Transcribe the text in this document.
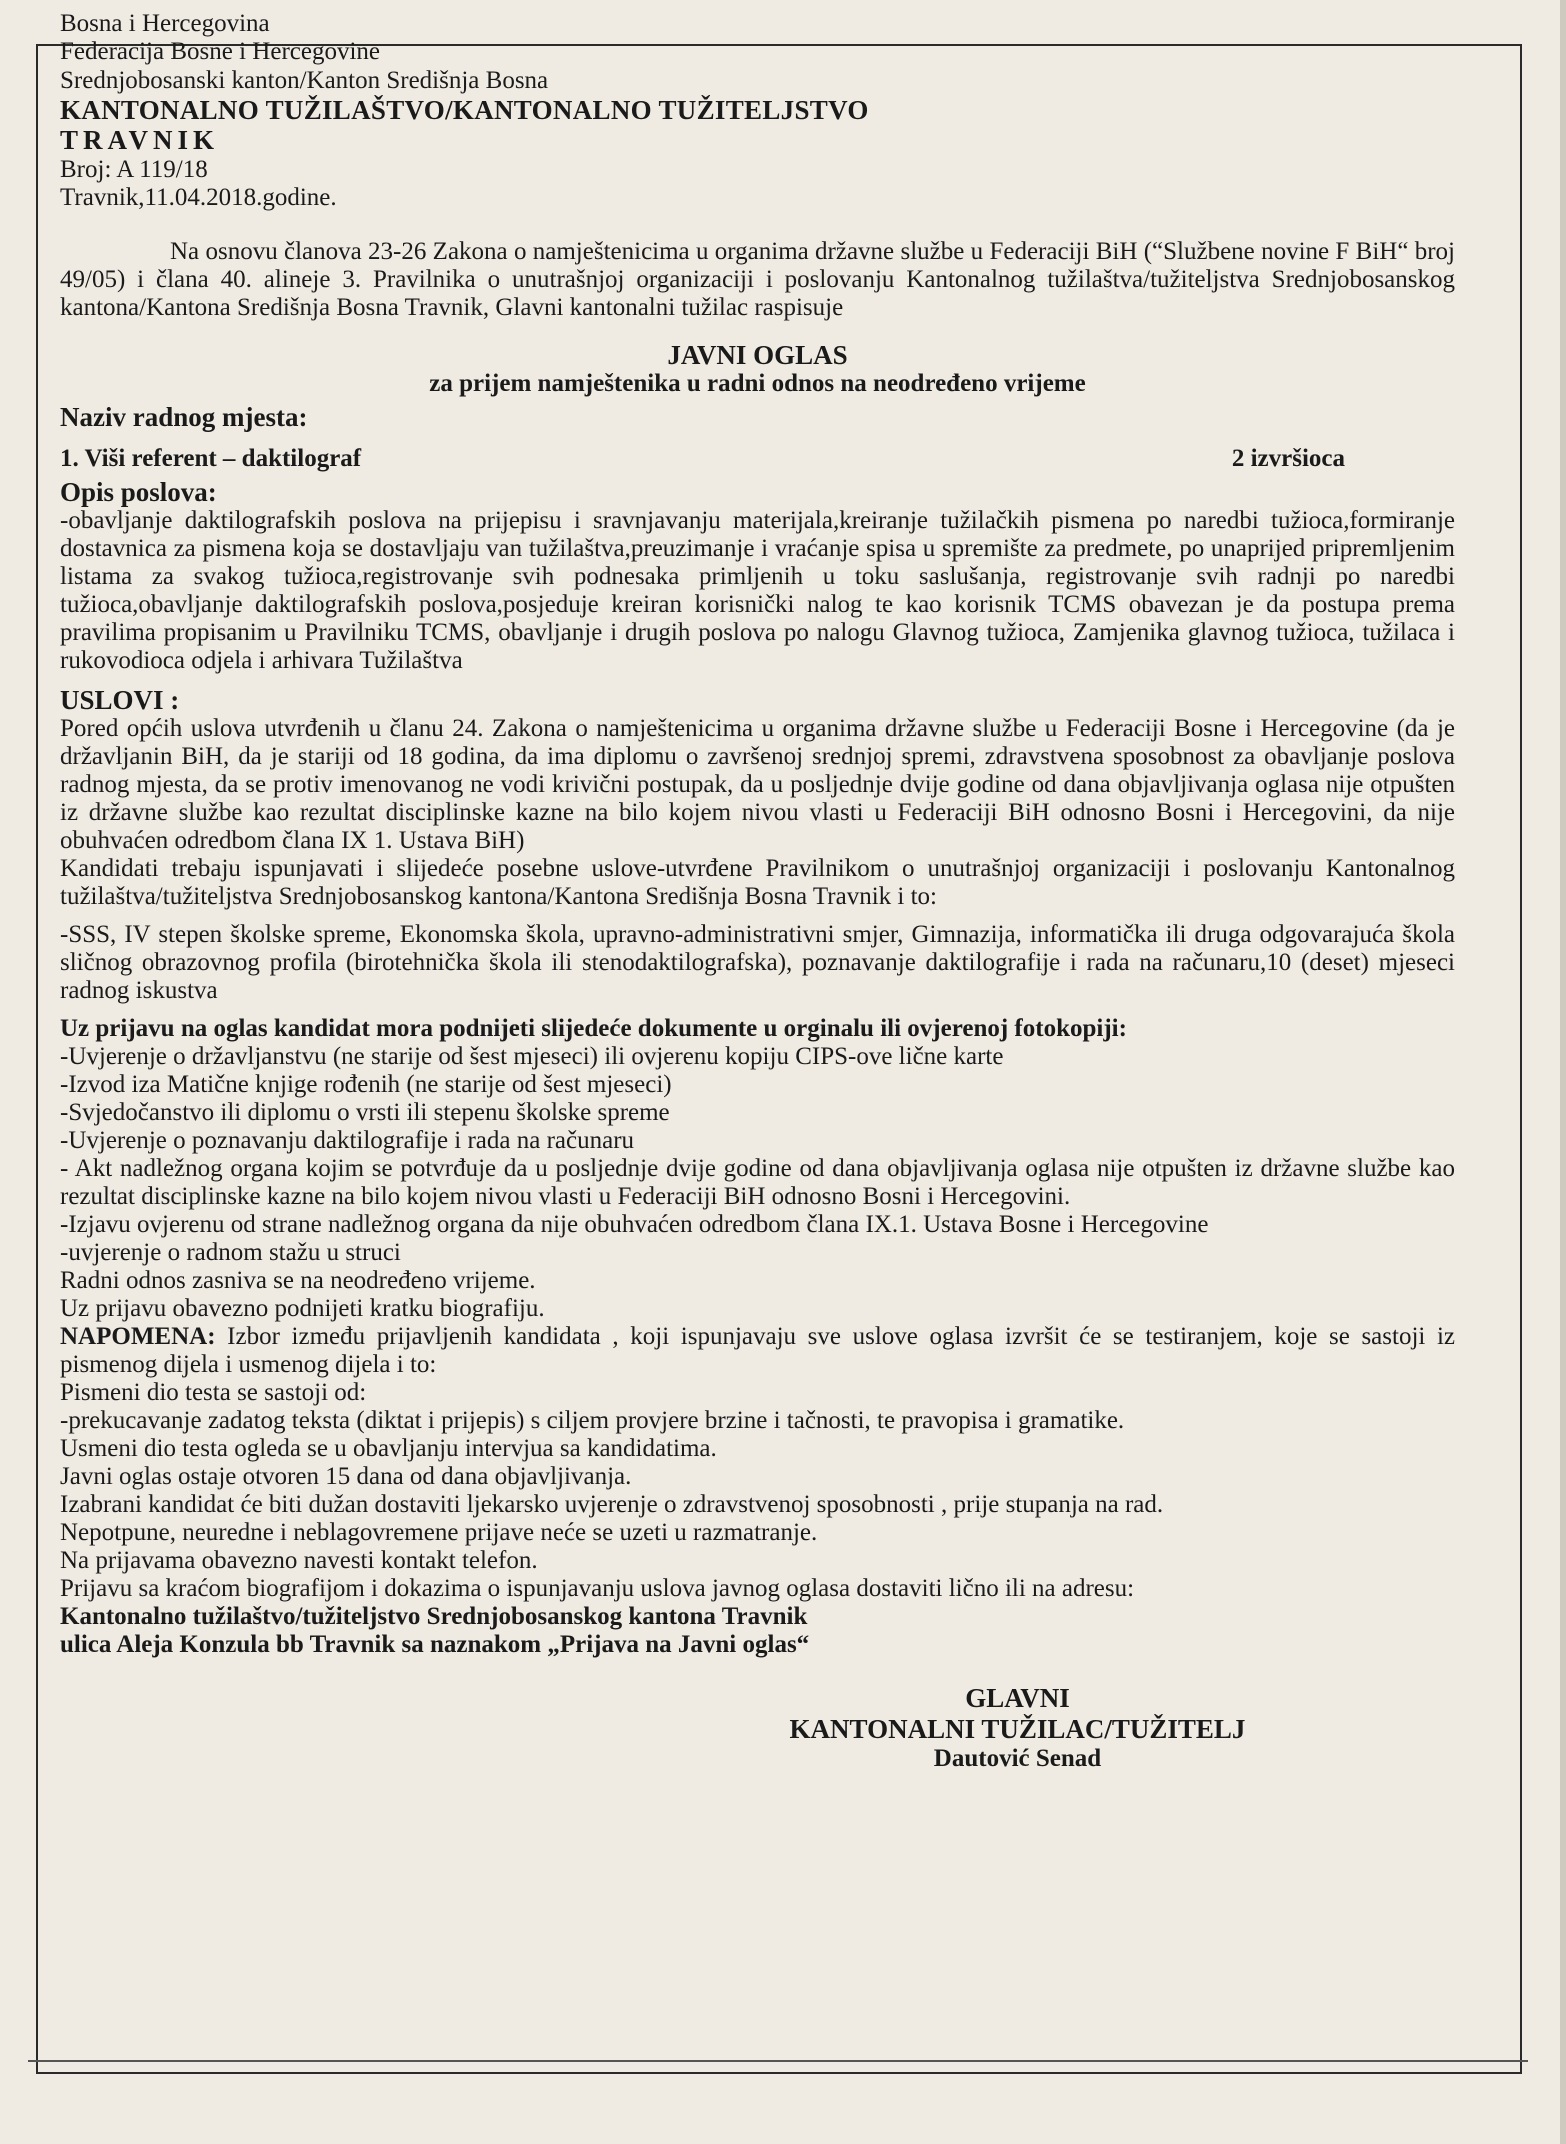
Bosna i Hercegovina
Federacija Bosne i Hercegovine
Srednjobosanski kanton/Kanton Središnja Bosna
KANTONALNO TUŽILAŠTVO/KANTONALNO TUŽITELJSTVO
TRAVNIK
Broj: A 119/18
Travnik,11.04.2018.godine.

Na osnovu članova 23-26 Zakona o namještenicima u organima državne službe u Federaciji BiH (“Službene novine F BiH“ broj 49/05) i člana 40. alineje 3. Pravilnika o unutrašnjoj organizaciji i poslovanju Kantonalnog tužilaštva/tužiteljstva Srednjobosanskog kantona/Kantona Središnja Bosna Travnik, Glavni kantonalni tužilac raspisuje

JAVNI OGLAS
za prijem namještenika u radni odnos na neodređeno vrijeme
Naziv radnog mjesta:
1. Viši referent – daktilograf	2 izvršioca
Opis poslova:

-obavljanje daktilografskih poslova na prijepisu i sravnjavanju materijala,kreiranje tužilačkih pismena po naredbi tužioca,formiranje dostavnica za pismena koja se dostavljaju van tužilaštva,preuzimanje i vraćanje spisa u spremište za predmete, po unaprijed pripremljenim listama za svakog tužioca,registrovanje svih podnesaka primljenih u toku saslušanja, registrovanje svih radnji po naredbi tužioca,obavljanje daktilografskih poslova,posjeduje kreiran korisnički nalog te kao korisnik TCMS obavezan je da postupa prema pravilima propisanim u Pravilniku TCMS, obavljanje i drugih poslova po nalogu Glavnog tužioca, Zamjenika glavnog tužioca, tužilaca i rukovodioca odjela i arhivara Tužilaštva

USLOVI :

Pored općih uslova utvrđenih u članu 24. Zakona o namještenicima u organima državne službe u Federaciji Bosne i Hercegovine (da je državljanin BiH, da je stariji od 18 godina, da ima diplomu o završenoj srednjoj spremi, zdravstvena sposobnost za obavljanje poslova radnog mjesta, da se protiv imenovanog ne vodi krivični postupak, da u posljednje dvije godine od dana objavljivanja oglasa nije otpušten iz državne službe kao rezultat disciplinske kazne na bilo kojem nivou vlasti u Federaciji BiH odnosno Bosni i Hercegovini, da nije obuhvaćen odredbom člana IX 1. Ustava BiH)

Kandidati trebaju ispunjavati i slijedeće posebne uslove-utvrđene Pravilnikom o unutrašnjoj organizaciji i poslovanju Kantonalnog tužilaštva/tužiteljstva Srednjobosanskog kantona/Kantona Središnja Bosna Travnik i to:

-SSS, IV stepen školske spreme, Ekonomska škola, upravno-administrativni smjer, Gimnazija, informatička ili druga odgovarajuća škola sličnog obrazovnog profila (birotehnička škola ili stenodaktilografska), poznavanje daktilografije i rada na računaru,10 (deset) mjeseci radnog iskustva

Uz prijavu na oglas kandidat mora podnijeti slijedeće dokumente u orginalu ili ovjerenoj fotokopiji:

-Uvjerenje o državljanstvu (ne starije od šest mjeseci) ili ovjerenu kopiju CIPS-ove lične karte

-Izvod iza Matične knjige rođenih (ne starije od šest mjeseci)

-Svjedočanstvo ili diplomu o vrsti ili stepenu školske spreme

-Uvjerenje o poznavanju daktilografije i rada na računaru

- Akt nadležnog organa kojim se potvrđuje da u posljednje dvije godine od dana objavljivanja oglasa nije otpušten iz državne službe kao rezultat disciplinske kazne na bilo kojem nivou vlasti u Federaciji BiH odnosno Bosni i Hercegovini.

-Izjavu ovjerenu od strane nadležnog organa da nije obuhvaćen odredbom člana IX.1. Ustava Bosne i Hercegovine

-uvjerenje o radnom stažu u struci

Radni odnos zasniva se na neodređeno vrijeme.

Uz prijavu obavezno podnijeti kratku biografiju.

NAPOMENA: Izbor između prijavljenih kandidata , koji ispunjavaju sve uslove oglasa izvršit će se testiranjem, koje se sastoji iz pismenog dijela i usmenog dijela i to:

Pismeni dio testa se sastoji od:

-prekucavanje zadatog teksta (diktat i prijepis) s ciljem provjere brzine i tačnosti, te pravopisa i gramatike.

Usmeni dio testa ogleda se u obavljanju intervjua sa kandidatima.

Javni oglas ostaje otvoren 15 dana od dana objavljivanja.

Izabrani kandidat će biti dužan dostaviti ljekarsko uvjerenje o zdravstvenoj sposobnosti , prije stupanja na rad.

Nepotpune, neuredne i neblagovremene prijave neće se uzeti u razmatranje.

Na prijavama obavezno navesti kontakt telefon.

Prijavu sa kraćom biografijom i dokazima o ispunjavanju uslova javnog oglasa dostaviti lično ili na adresu:

Kantonalno tužilaštvo/tužiteljstvo Srednjobosanskog kantona Travnik

ulica Aleja Konzula bb Travnik sa naznakom „Prijava na Javni oglas“

GLAVNI
KANTONALNI TUŽILAC/TUŽITELJ
Dautović Senad
